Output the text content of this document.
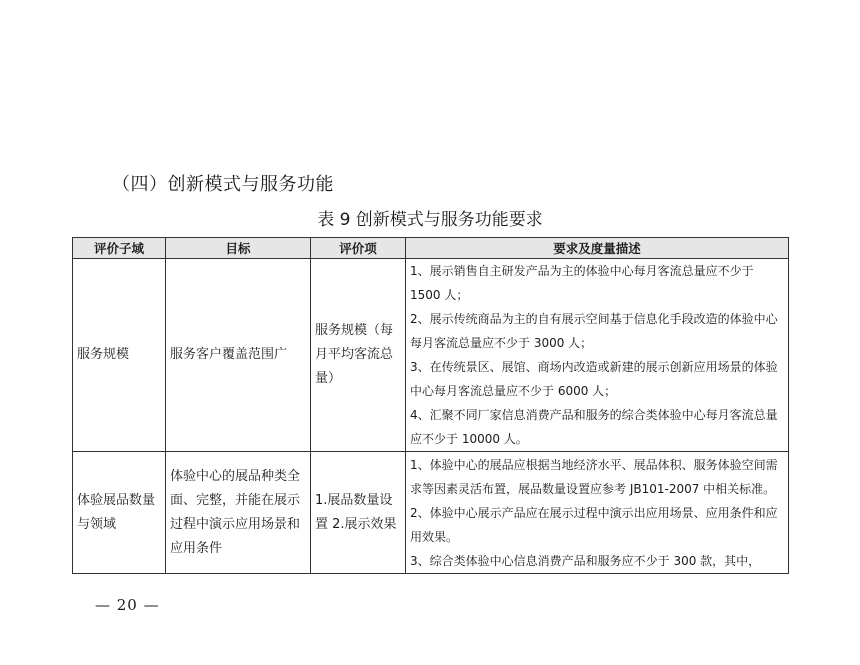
（四）创新模式与服务功能
表 9 创新模式与服务功能要求
评价子域	目标	评价项	要求及度量描述
服务规模	服务客户覆盖范围广	服务规模（每月平均客流总量）	1、展示销售自主研发产品为主的体验中心每月客流总量应不少于1500 人；
2、展示传统商品为主的自有展示空间基于信息化手段改造的体验中心每月客流总量应不少于 3000 人；
3、在传统景区、展馆、商场内改造或新建的展示创新应用场景的体验中心每月客流总量应不少于 6000 人；
4、汇聚不同厂家信息消费产品和服务的综合类体验中心每月客流总量应不少于 10000 人。

体验展品数量与领域	体验中心的展品种类全面、完整，并能在展示过程中演示应用场景和应用条件	1.展品数量设置 2.展示效果	1、体验中心的展品应根据当地经济水平、展品体积、服务体验空间需求等因素灵活布置，展品数量设置应参考 JB101-2007 中相关标准。
2、体验中心展示产品应在展示过程中演示出应用场景、应用条件和应用效果。
3、综合类体验中心信息消费产品和服务应不少于 300 款，其中，
— 20 —
